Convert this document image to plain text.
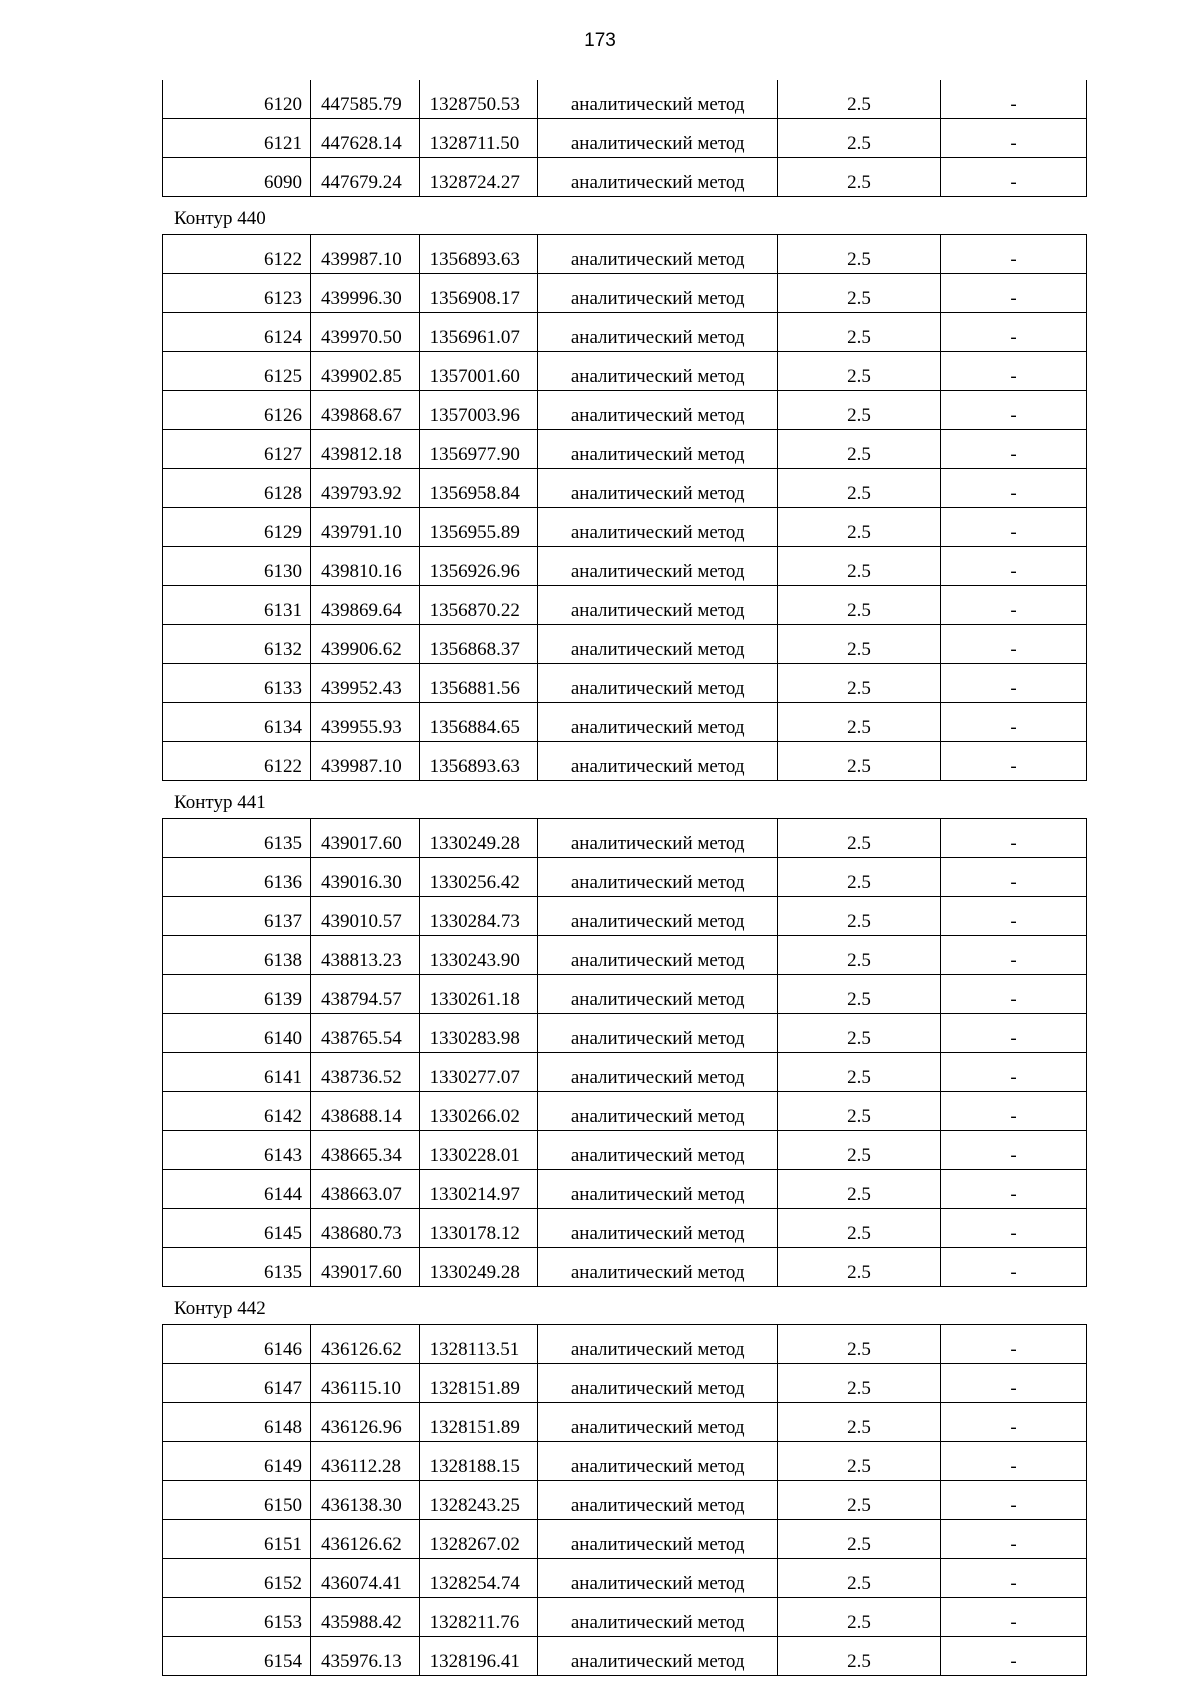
173
6120	447585.79	1328750.53	аналитический метод	2.5	-
6121	447628.14	1328711.50	аналитический метод	2.5	-
6090	447679.24	1328724.27	аналитический метод	2.5	-
Контур 440
6122	439987.10	1356893.63	аналитический метод	2.5	-
6123	439996.30	1356908.17	аналитический метод	2.5	-
6124	439970.50	1356961.07	аналитический метод	2.5	-
6125	439902.85	1357001.60	аналитический метод	2.5	-
6126	439868.67	1357003.96	аналитический метод	2.5	-
6127	439812.18	1356977.90	аналитический метод	2.5	-
6128	439793.92	1356958.84	аналитический метод	2.5	-
6129	439791.10	1356955.89	аналитический метод	2.5	-
6130	439810.16	1356926.96	аналитический метод	2.5	-
6131	439869.64	1356870.22	аналитический метод	2.5	-
6132	439906.62	1356868.37	аналитический метод	2.5	-
6133	439952.43	1356881.56	аналитический метод	2.5	-
6134	439955.93	1356884.65	аналитический метод	2.5	-
6122	439987.10	1356893.63	аналитический метод	2.5	-
Контур 441
6135	439017.60	1330249.28	аналитический метод	2.5	-
6136	439016.30	1330256.42	аналитический метод	2.5	-
6137	439010.57	1330284.73	аналитический метод	2.5	-
6138	438813.23	1330243.90	аналитический метод	2.5	-
6139	438794.57	1330261.18	аналитический метод	2.5	-
6140	438765.54	1330283.98	аналитический метод	2.5	-
6141	438736.52	1330277.07	аналитический метод	2.5	-
6142	438688.14	1330266.02	аналитический метод	2.5	-
6143	438665.34	1330228.01	аналитический метод	2.5	-
6144	438663.07	1330214.97	аналитический метод	2.5	-
6145	438680.73	1330178.12	аналитический метод	2.5	-
6135	439017.60	1330249.28	аналитический метод	2.5	-
Контур 442
6146	436126.62	1328113.51	аналитический метод	2.5	-
6147	436115.10	1328151.89	аналитический метод	2.5	-
6148	436126.96	1328151.89	аналитический метод	2.5	-
6149	436112.28	1328188.15	аналитический метод	2.5	-
6150	436138.30	1328243.25	аналитический метод	2.5	-
6151	436126.62	1328267.02	аналитический метод	2.5	-
6152	436074.41	1328254.74	аналитический метод	2.5	-
6153	435988.42	1328211.76	аналитический метод	2.5	-
6154	435976.13	1328196.41	аналитический метод	2.5	-
